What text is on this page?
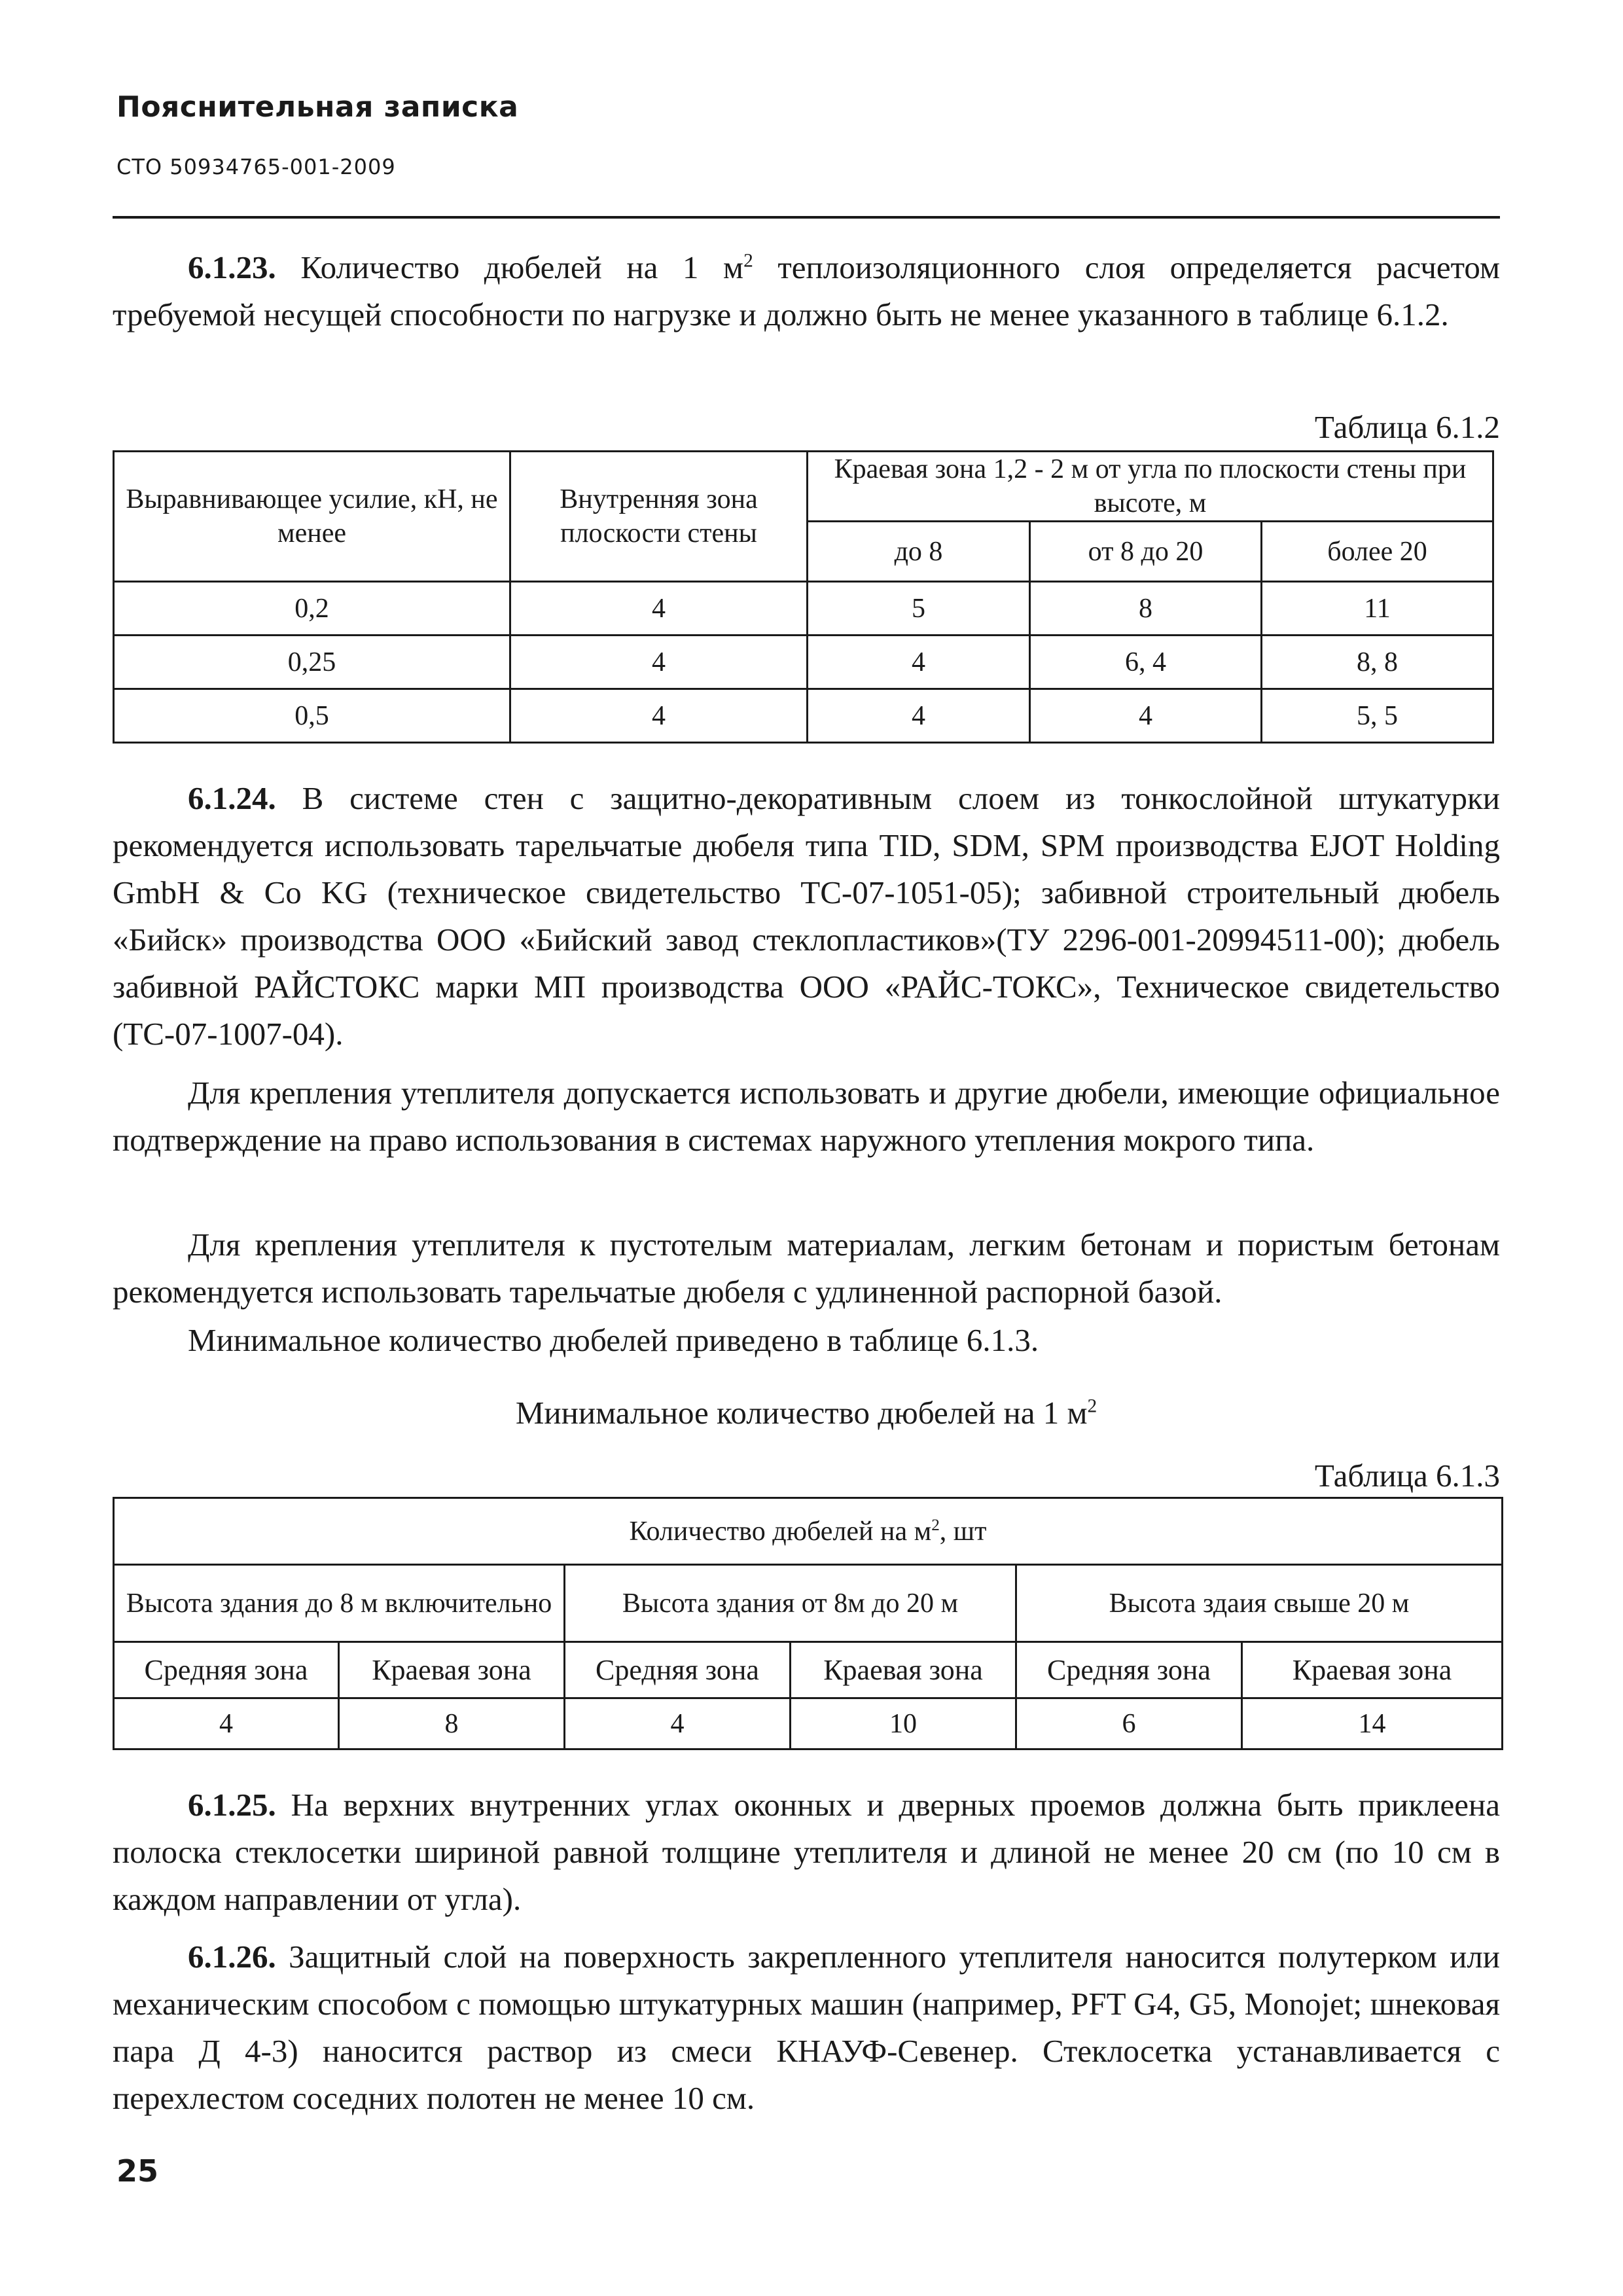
Пояснительная записка
СТО 50934765-001-2009
6.1.23. Количество дюбелей на 1 $м^2$ теплоизоляционного слоя определяется расчетом требуемой несущей способности по нагрузке и должно быть не менее указанного в таблице 6.1.2.
Таблица 6.1.2
Выравнивающее усилие, кН, не менее	Внутренняя зона плоскости стены	Краевая зона 1,2 - 2 м от угла по плоскости стены при высоте, м		
		до 8	от 8 до 20	более 20
0,2	4	5	8	11
0,25	4	4	6, 4	8, 8
0,5	4	4	4	5, 5
6.1.24. В системе стен с защитно-декоративным слоем из тонкослойной штукатурки рекомендуется использовать тарельчатые дюбеля типа TID, SDM, SPM производства EJOT Holding GmbH & Co KG (техническое свидетельство ТС-07-1051-05); забивной строительный дюбель «Бийск» производства ООО «Бийский завод стеклопластиков»(ТУ 2296-001-20994511-00); дюбель забивной РАЙСТОКС марки МП производства ООО «РАЙС-ТОКС», Техническое свидетельство (ТС-07-1007-04).
Для крепления утеплителя допускается использовать и другие дюбели, имеющие официальное подтверждение на право использования в системах наружного утепления мокрого типа.
Для крепления утеплителя к пустотелым материалам, легким бетонам и пористым бетонам рекомендуется использовать тарельчатые дюбеля с удлиненной распорной базой.
Минимальное количество дюбелей приведено в таблице 6.1.3.
Минимальное количество дюбелей на 1 $м^2$
Таблица 6.1.3
Количество дюбелей на $м^2$, шт					
Высота здания до 8 м включительно		Высота здания от 8м до 20 м		Высота здаия свыше 20 м	
Средняя зона	Краевая зона	Средняя зона	Краевая зона	Средняя зона	Краевая зона
4	8	4	10	6	14
6.1.25. На верхних внутренних углах оконных и дверных проемов должна быть приклеена полоска стеклосетки шириной равной толщине утеплителя и длиной не менее 20 см (по 10 см в каждом направлении от угла).
6.1.26. Защитный слой на поверхность закрепленного утеплителя наносится полутерком или механическим способом с помощью штукатурных машин (например, PFT G4, G5, Monojet; шнековая пара Д 4-3) наносится раствор из смеси КНАУФ-Севенер. Стеклосетка устанавливается с перехлестом соседних полотен не менее 10 см.
25
